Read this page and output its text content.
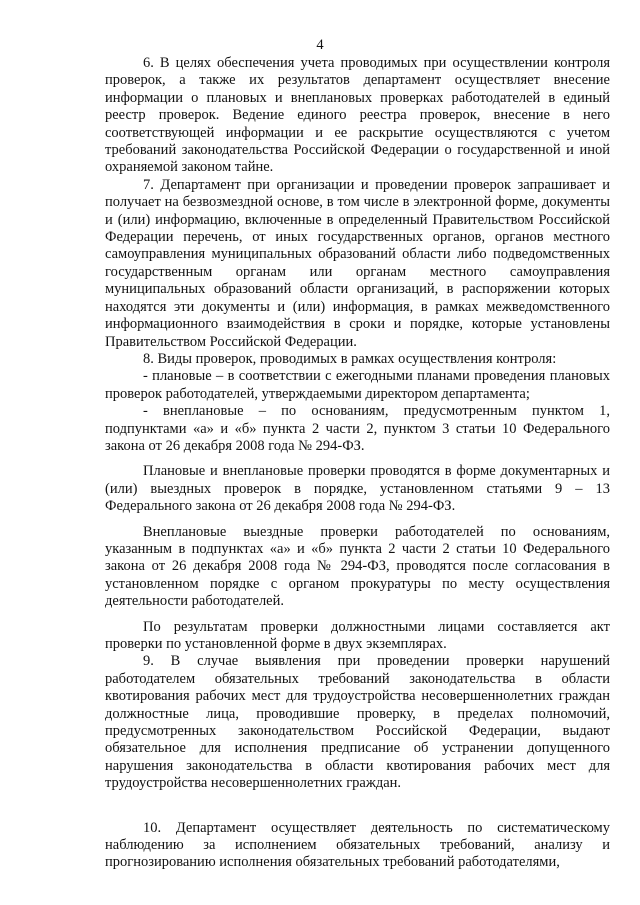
4

6. В целях обеспечения учета проводимых при осуществлении контроля проверок, а также их результатов департамент осуществляет внесение информации о плановых и внеплановых проверках работодателей в единый реестр проверок. Ведение единого реестра проверок, внесение в него соответствующей информации и ее раскрытие осуществляются с учетом требований законодательства Российской Федерации о государственной и иной охраняемой законом тайне.

7. Департамент при организации и проведении проверок запрашивает и получает на безвозмездной основе, в том числе в электронной форме, документы и (или) информацию, включенные в определенный Правительством Российской Федерации перечень, от иных государственных органов, органов местного самоуправления муниципальных образований области либо подведомственных государственным органам или органам местного самоуправления муниципальных образований области организаций, в распоряжении которых находятся эти документы и (или) информация, в рамках межведомственного информационного взаимодействия в сроки и порядке, которые установлены Правительством Российской Федерации.

8. Виды проверок, проводимых в рамках осуществления контроля:

- плановые – в соответствии с ежегодными планами проведения плановых проверок работодателей, утверждаемыми директором департамента;

- внеплановые – по основаниям, предусмотренным пунктом 1, подпунктами «а» и «б» пункта 2 части 2, пунктом 3 статьи 10 Федерального закона от 26 декабря 2008 года № 294-ФЗ.

Плановые и внеплановые проверки проводятся в форме документарных и (или) выездных проверок в порядке, установленном статьями 9 – 13 Федерального закона от 26 декабря 2008 года № 294-ФЗ.

Внеплановые выездные проверки работодателей по основаниям, указанным в подпунктах «а» и «б» пункта 2 части 2 статьи 10 Федерального закона от 26 декабря 2008 года № 294-ФЗ, проводятся после согласования в установленном порядке с органом прокуратуры по месту осуществления деятельности работодателей.

По результатам проверки должностными лицами составляется акт проверки по установленной форме в двух экземплярах.

9. В случае выявления при проведении проверки нарушений работодателем обязательных требований законодательства в области квотирования рабочих мест для трудоустройства несовершеннолетних граждан должностные лица, проводившие проверку, в пределах полномочий, предусмотренных законодательством Российской Федерации, выдают обязательное для исполнения предписание об устранении допущенного нарушения законодательства в области квотирования рабочих мест для трудоустройства несовершеннолетних граждан.

10. Департамент осуществляет деятельность по систематическому наблюдению за исполнением обязательных требований, анализу и прогнозированию исполнения обязательных требований работодателями,
